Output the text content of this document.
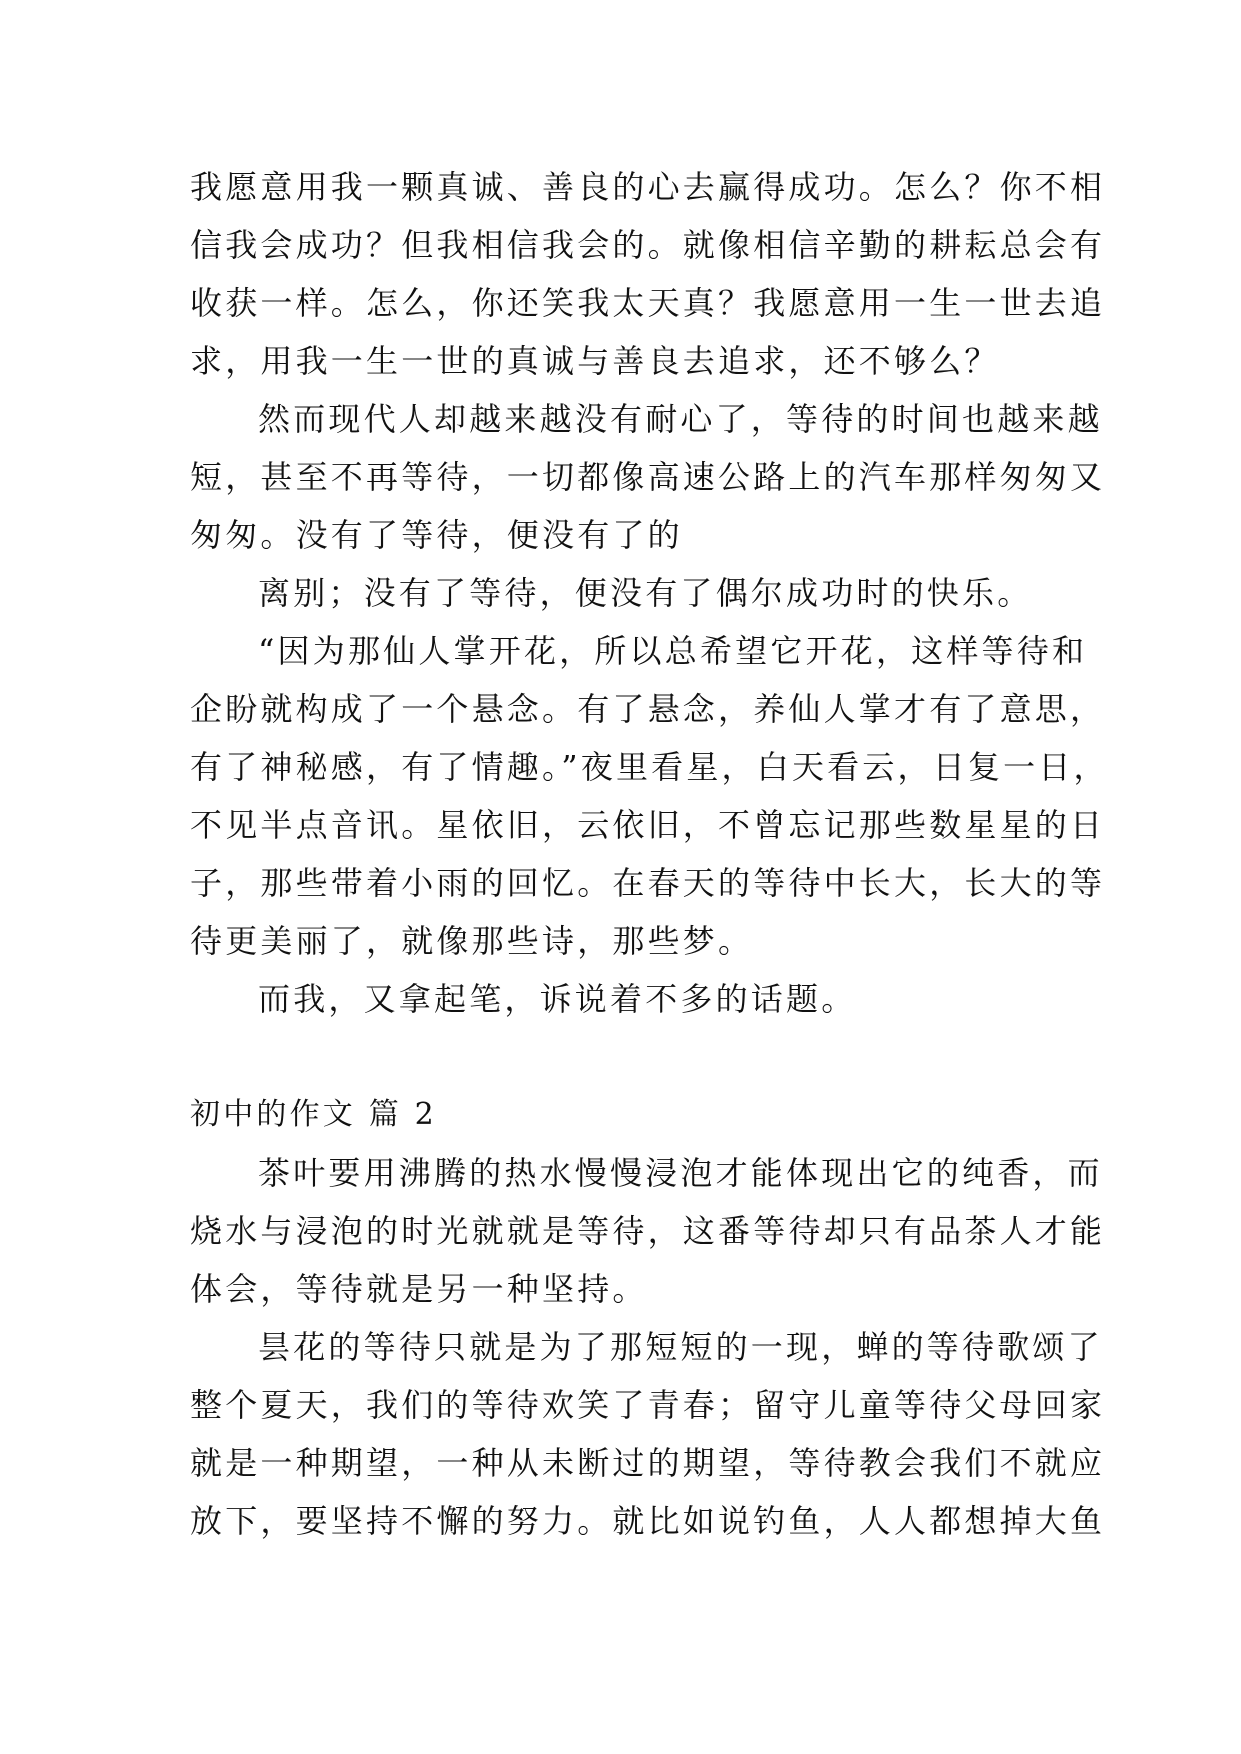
我愿意用我一颗真诚、善良的心去赢得成功。怎么？你不相
信我会成功？但我相信我会的。就像相信辛勤的耕耘总会有
收获一样。怎么，你还笑我太天真？我愿意用一生一世去追
求，用我一生一世的真诚与善良去追求，还不够么？
然而现代人却越来越没有耐心了，等待的时间也越来越
短，甚至不再等待，一切都像高速公路上的汽车那样匆匆又
匆匆。没有了等待，便没有了的
离别；没有了等待，便没有了偶尔成功时的快乐。
“因为那仙人掌开花，所以总希望它开花，这样等待和
企盼就构成了一个悬念。有了悬念，养仙人掌才有了意思，
有了神秘感，有了情趣。”夜里看星，白天看云，日复一日，
不见半点音讯。星依旧，云依旧，不曾忘记那些数星星的日
子，那些带着小雨的回忆。在春天的等待中长大，长大的等
待更美丽了，就像那些诗，那些梦。
而我，又拿起笔，诉说着不多的话题。
初中的作文 篇 2
茶叶要用沸腾的热水慢慢浸泡才能体现出它的纯香，而
烧水与浸泡的时光就就是等待，这番等待却只有品茶人才能
体会，等待就是另一种坚持。
昙花的等待只就是为了那短短的一现，蝉的等待歌颂了
整个夏天，我们的等待欢笑了青春；留守儿童等待父母回家
就是一种期望，一种从未断过的期望，等待教会我们不就应
放下，要坚持不懈的努力。就比如说钓鱼，人人都想掉大鱼
